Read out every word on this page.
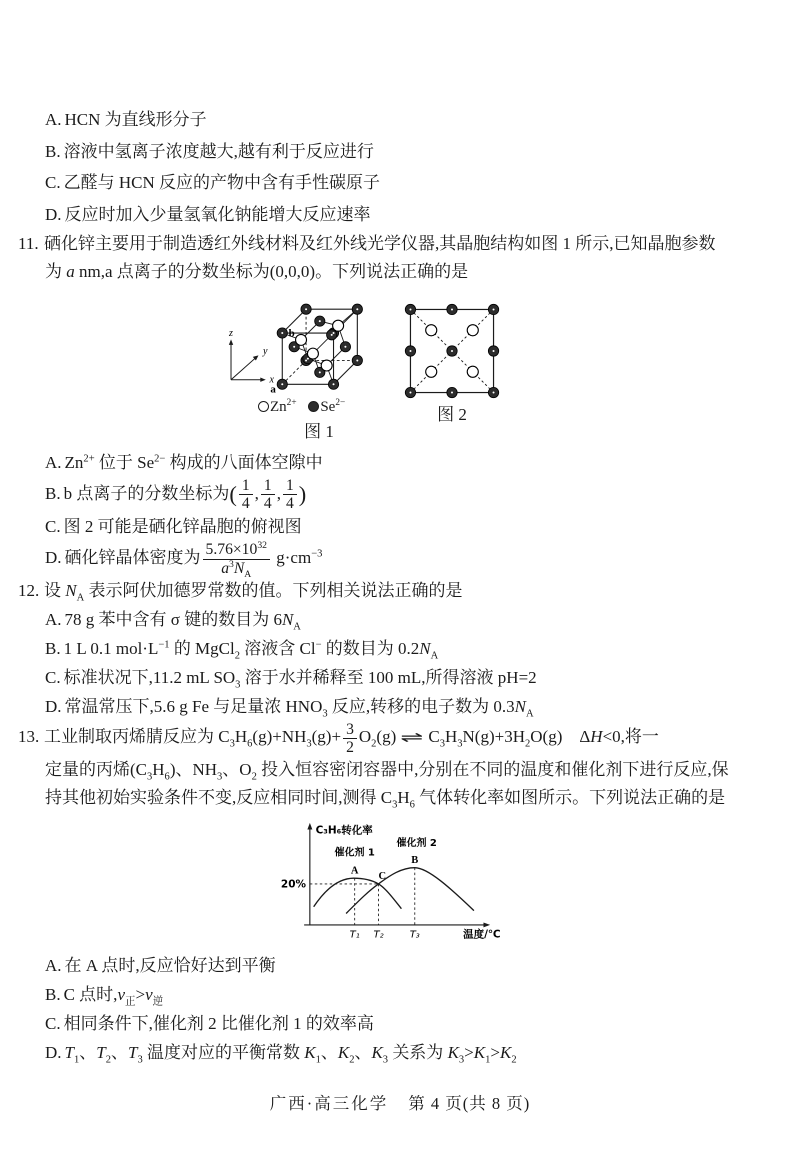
A. HCN 为直线形分子
B. 溶液中氢离子浓度越大,越有利于反应进行
C. 乙醛与 HCN 反应的产物中含有手性碳原子
D. 反应时加入少量氢氧化钠能增大反应速率
11. 硒化锌主要用于制造透红外线材料及红外线光学仪器,其晶胞结构如图 1 所示,已知晶胞参数
为 a nm,a 点离子的分数坐标为(0,0,0)。下列说法正确的是
z
y
x
b
a
$Zn^{2+}$ $Se^{2-}$
图 1
图 2
A. $Zn^{2+}$ 位于 $Se^{2-}$ 构成的八面体空隙中
B. b 点离子的分数坐标为( $\frac{1}{4}$ , $\frac{1}{4}$ , $\frac{1}{4}$ )
C. 图 2 可能是硒化锌晶胞的俯视图
D. 硒化锌晶体密度为 $\frac{5.76\times 10^{32}}{a^3N_A} g\cdot cm^{-3}$
12. 设 $N_A$ 表示阿伏加德罗常数的值。下列相关说法正确的是
A. 78 g 苯中含有 σ 键的数目为 $6N_A$
B. 1 L 0.1 $mol\cdot L^{-1}$ 的 MgCl$_2$ 溶液含 Cl− 的数目为 $0.2N_A$
C. 标准状况下,11.2 mL $SO_3$ 溶于水并稀释至 100 mL,所得溶液 pH=2
D. 常温常压下,5.6 g Fe 与足量浓 $HNO_3$ 反应,转移的电子数为 $0.3N_A$
13. 工业制取丙烯腈反应为 $C_3H_6(g)+NH_3(g)+ \frac{3}{2} O_2(g)$ ⇌ $C_3H_3N(g)+3H_2O(g)$　ΔH<0,将一
定量的丙烯$(C_3H_6)$、$NH_3$、$O_2$ 投入恒容密闭容器中,分别在不同的温度和催化剂下进行反应,保
持其他初始实验条件不变,反应相同时间,测得 $C_3H_6$ 气体转化率如图所示。下列说法正确的是
C₃H₆转化率
20%
催化剂 1
催化剂 2
A
B
C
T₁ T₂ T₃	温度/℃
A. 在 A 点时,反应恰好达到平衡
B. C 点时$,v_正>v_逆$
C. 相同条件下,催化剂 2 比催化剂 1 的效率高
D. $T_1$、$T_2$、$T_3$ 温度对应的平衡常数 $K_1$、$K_2$、$K_3$ 关系为 $K_3>K_1>K_2$
广西·高三化学 第 4 页(共 8 页)
